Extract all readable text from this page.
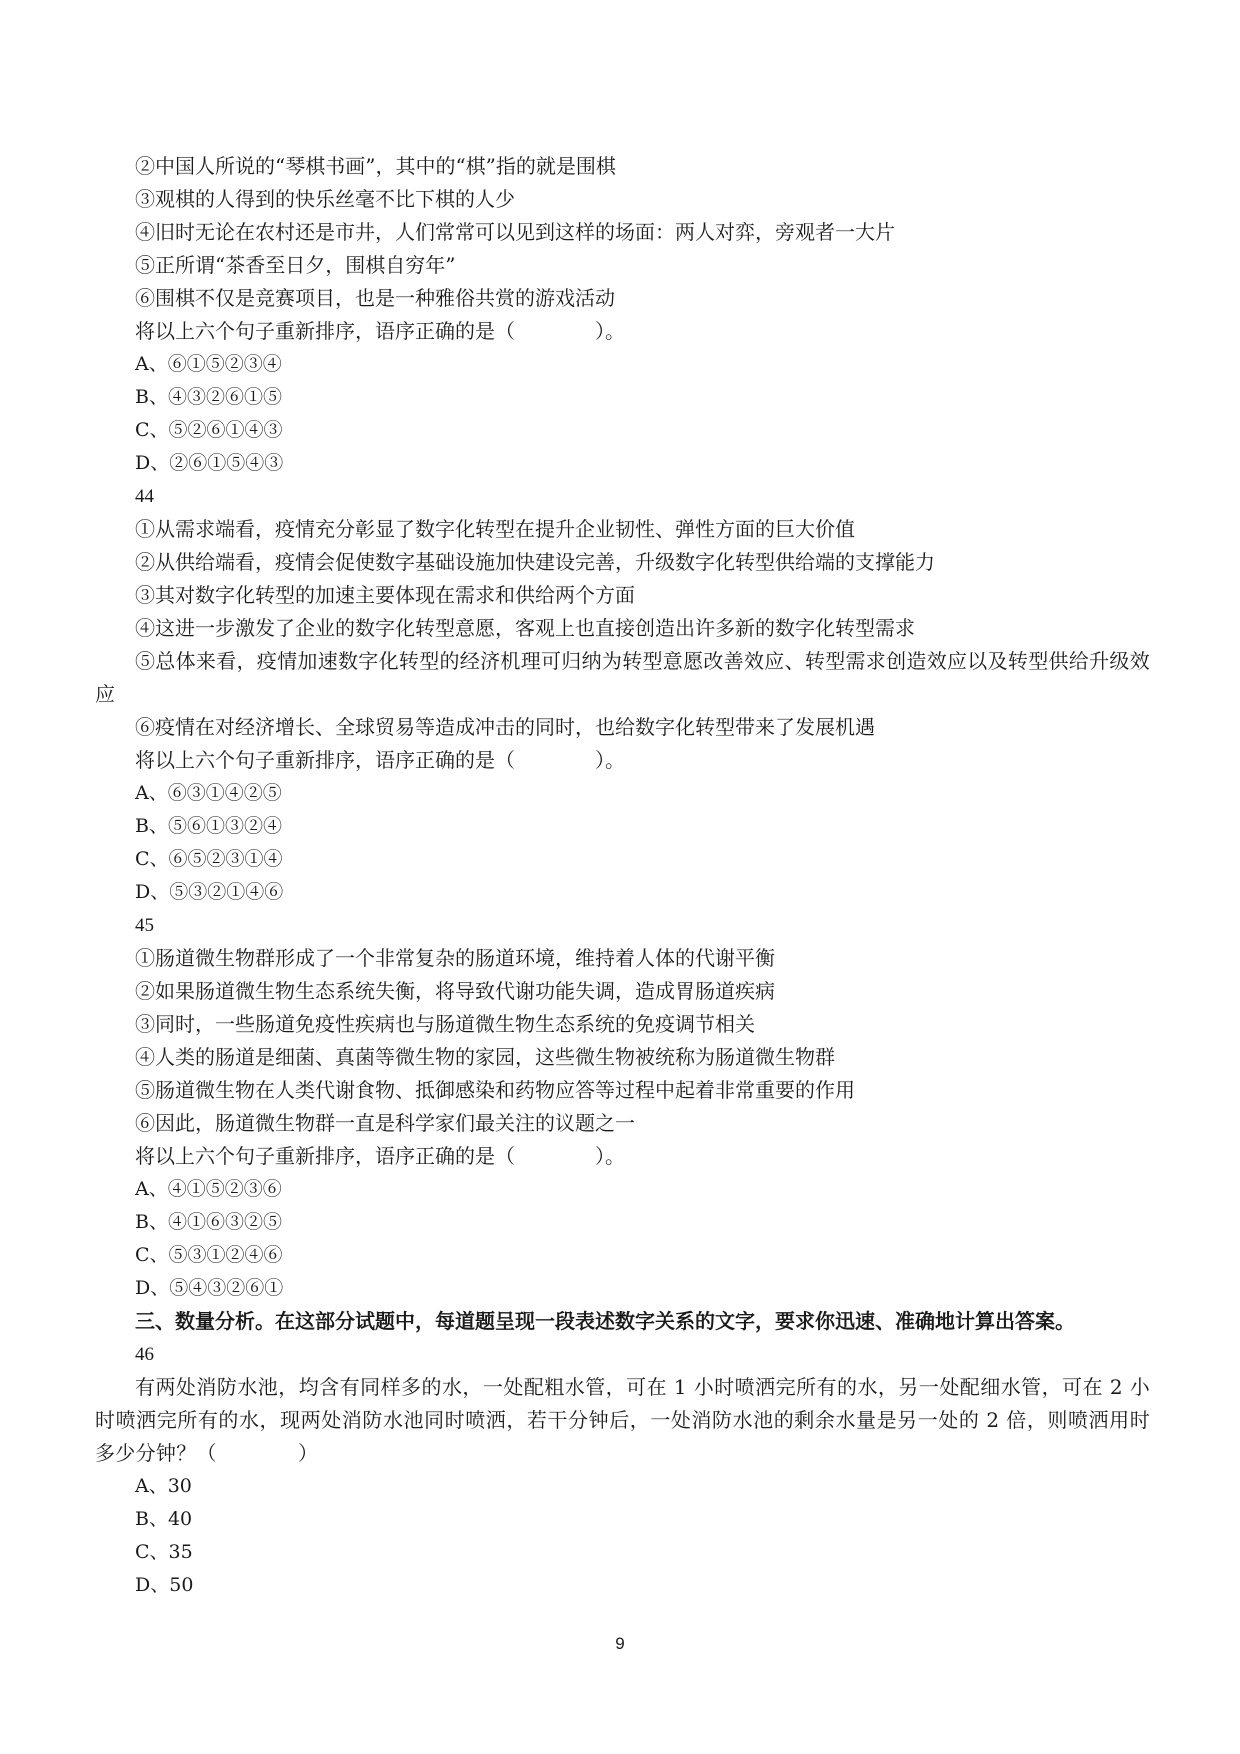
②中国人所说的“琴棋书画”，其中的“棋”指的就是围棋
③观棋的人得到的快乐丝毫不比下棋的人少
④旧时无论在农村还是市井，人们常常可以见到这样的场面：两人对弈，旁观者一大片
⑤正所谓“茶香至日夕，围棋自穷年”
⑥围棋不仅是竞赛项目，也是一种雅俗共赏的游戏活动
将以上六个句子重新排序，语序正确的是（　　　　）。
A、⑥①⑤②③④
B、④③②⑥①⑤
C、⑤②⑥①④③
D、②⑥①⑤④③
44
①从需求端看，疫情充分彰显了数字化转型在提升企业韧性、弹性方面的巨大价值
②从供给端看，疫情会促使数字基础设施加快建设完善，升级数字化转型供给端的支撑能力
③其对数字化转型的加速主要体现在需求和供给两个方面
④这进一步激发了企业的数字化转型意愿，客观上也直接创造出许多新的数字化转型需求
⑤总体来看，疫情加速数字化转型的经济机理可归纳为转型意愿改善效应、转型需求创造效应以及转型供给升级效应
⑥疫情在对经济增长、全球贸易等造成冲击的同时，也给数字化转型带来了发展机遇
将以上六个句子重新排序，语序正确的是（　　　　）。
A、⑥③①④②⑤
B、⑤⑥①③②④
C、⑥⑤②③①④
D、⑤③②①④⑥
45
①肠道微生物群形成了一个非常复杂的肠道环境，维持着人体的代谢平衡
②如果肠道微生物生态系统失衡，将导致代谢功能失调，造成胃肠道疾病
③同时，一些肠道免疫性疾病也与肠道微生物生态系统的免疫调节相关
④人类的肠道是细菌、真菌等微生物的家园，这些微生物被统称为肠道微生物群
⑤肠道微生物在人类代谢食物、抵御感染和药物应答等过程中起着非常重要的作用
⑥因此，肠道微生物群一直是科学家们最关注的议题之一
将以上六个句子重新排序，语序正确的是（　　　　）。
A、④①⑤②③⑥
B、④①⑥③②⑤
C、⑤③①②④⑥
D、⑤④③②⑥①
三、数量分析。在这部分试题中，每道题呈现一段表述数字关系的文字，要求你迅速、准确地计算出答案。
46
有两处消防水池，均含有同样多的水，一处配粗水管，可在 1 小时喷洒完所有的水，另一处配细水管，可在 2 小时喷洒完所有的水，现两处消防水池同时喷洒，若干分钟后，一处消防水池的剩余水量是另一处的 2 倍，则喷洒用时多少分钟？（　　　　）
A、30
B、40
C、35
D、50
9
